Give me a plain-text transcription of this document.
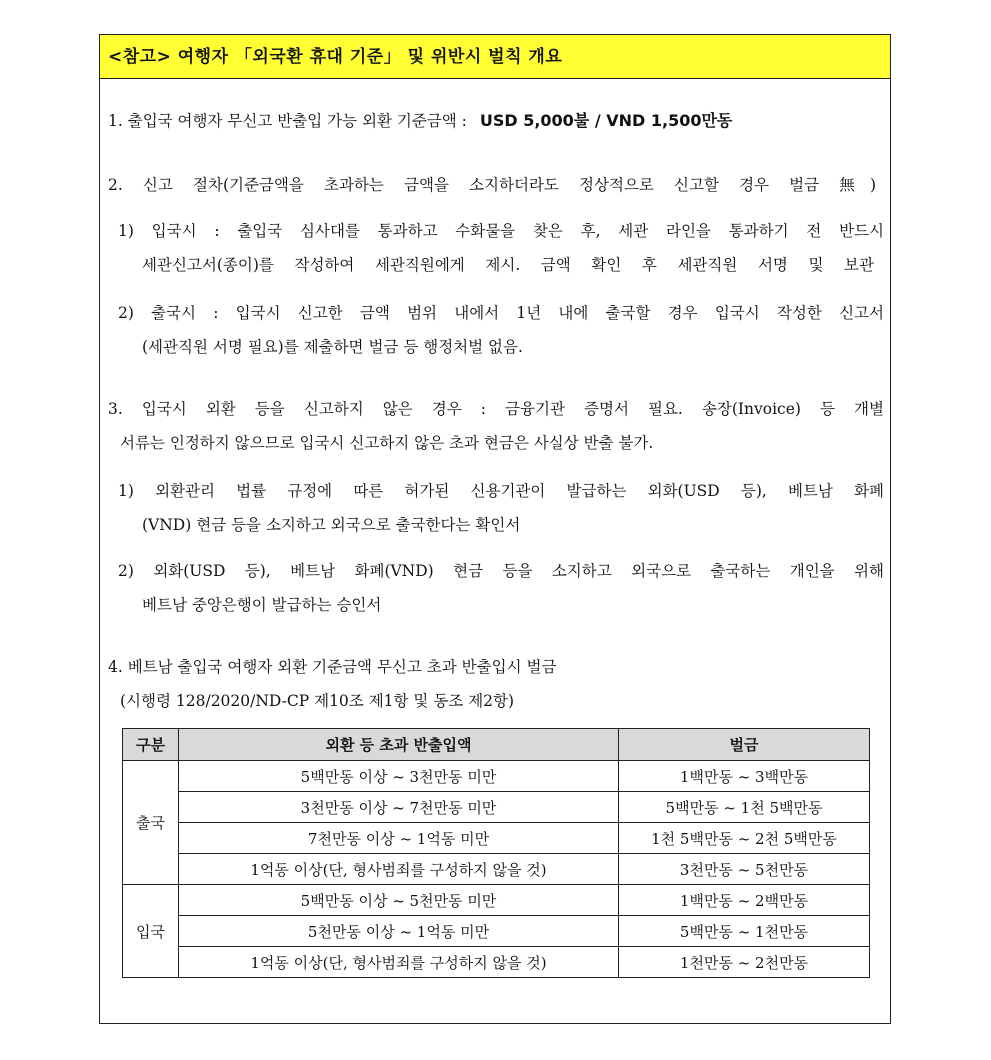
<참고> 여행자 「외국환 휴대 기준」 및 위반시 벌칙 개요
1. 출입국 여행자 무신고 반출입 가능 외환 기준금액 : USD 5,000불 / VND 1,500만동
2. 신고 절차(기준금액을 초과하는 금액을 소지하더라도 정상적으로 신고할 경우 벌금 無)
1) 입국시 : 출입국 심사대를 통과하고 수화물을 찾은 후, 세관 라인을 통과하기 전 반드시
세관신고서(종이)를 작성하여 세관직원에게 제시. 금액 확인 후 세관직원 서명 및 보관
2) 출국시 : 입국시 신고한 금액 범위 내에서 1년 내에 출국할 경우 입국시 작성한 신고서
(세관직원 서명 필요)를 제출하면 벌금 등 행정처벌 없음.
3. 입국시 외환 등을 신고하지 않은 경우 : 금융기관 증명서 필요. 송장(Invoice) 등 개별
서류는 인정하지 않으므로 입국시 신고하지 않은 초과 현금은 사실상 반출 불가.
1) 외환관리 법률 규정에 따른 허가된 신용기관이 발급하는 외화(USD 등), 베트남 화폐
(VND) 현금 등을 소지하고 외국으로 출국한다는 확인서
2) 외화(USD 등), 베트남 화폐(VND) 현금 등을 소지하고 외국으로 출국하는 개인을 위해
베트남 중앙은행이 발급하는 승인서
4. 베트남 출입국 여행자 외환 기준금액 무신고 초과 반출입시 벌금
(시행령 128/2020/ND-CP 제10조 제1항 및 동조 제2항)
구분	외환 등 초과 반출입액	벌금
출국	5백만동 이상 ~ 3천만동 미만	1백만동 ~ 3백만동
	3천만동 이상 ~ 7천만동 미만	5백만동 ~ 1천 5백만동
	7천만동 이상 ~ 1억동 미만	1천 5백만동 ~ 2천 5백만동
	1억동 이상(단, 형사범죄를 구성하지 않을 것)	3천만동 ~ 5천만동
입국	5백만동 이상 ~ 5천만동 미만	1백만동 ~ 2백만동
	5천만동 이상 ~ 1억동 미만	5백만동 ~ 1천만동
	1억동 이상(단, 형사범죄를 구성하지 않을 것)	1천만동 ~ 2천만동
